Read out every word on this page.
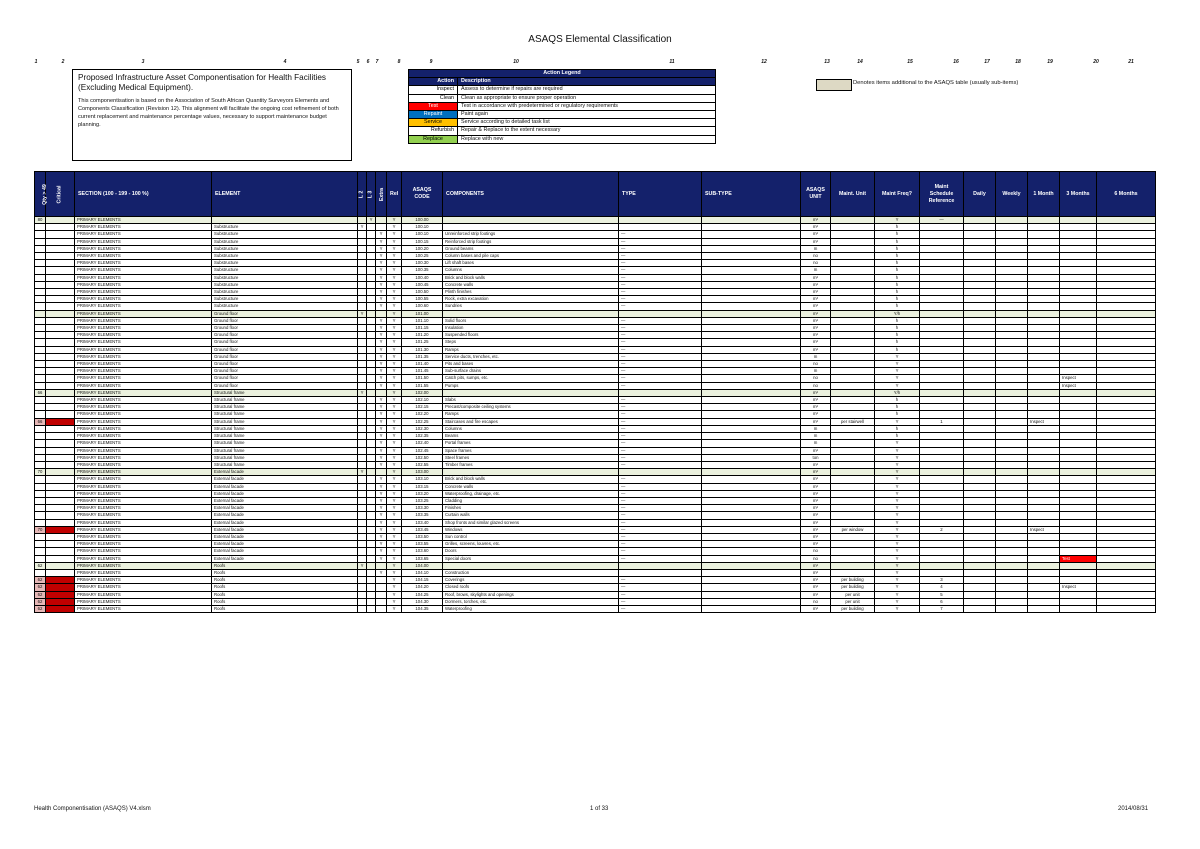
ASAQS Elemental Classification
1	2	3	4	5 6 7	8	9	10	11	12	13	14	15	16	17	18	19	20	21
Proposed Infrastructure Asset Componentisation for Health Facilities (Excluding Medical Equipment).
This componentisation is based on the Association of South African Quantity Surveyors Elements and Components Classification (Revision 12). This alignment will facilitate the ongoing cost refinement of both current replacement and maintenance percentage values, necessary to support maintenance budget planning.
Action Legend	
Action	Description
Inspect	Assess to determine if repairs are required
Clean	Clean as appropriate to ensure proper operation
Test	Test in accordance with predetermined or regulatory requirements
Repaint	Paint again
Service	Service according to detailed task list
Refurbish	Repair & Replace to the extent necessary
Replace	Replace with new
Denotes items additional to the ASAQS table (usually sub-items)
Qty > 49	Critical	SECTION (100 - 199 - 100 %)	ELEMENT	L 2	L 3	Extra	Rel	ASAQS CODE	COMPONENTS	TYPE	SUB-TYPE	ASAQS UNIT	Maint. Unit	Maint Freq?	Maint Schedule Reference	Daily	Weekly	1 Month	3 Months	6 Months
80		PRIMARY ELEMENTS			Y		Y	100.00				m²		Y	—					
		PRIMARY ELEMENTS	Substructure	Y			Y	100.10				m²		h						
		PRIMARY ELEMENTS	Substructure			Y	Y	100.10	Unreinforced strip footings	—		m²		h						
		PRIMARY ELEMENTS	Substructure			Y	Y	100.15	Reinforced strip footings	—		m²		h						
		PRIMARY ELEMENTS	Substructure			Y	Y	100.20	Ground beams	—		m		h						
		PRIMARY ELEMENTS	Substructure			Y	Y	100.25	Column bases and pile caps	—		no		h						
		PRIMARY ELEMENTS	Substructure			Y	Y	100.30	Lift shaft bases	—		no		h						
		PRIMARY ELEMENTS	Substructure			Y	Y	100.35	Columns	—		m		h						
		PRIMARY ELEMENTS	Substructure			Y	Y	100.40	Brick and block walls	—		m²		h						
		PRIMARY ELEMENTS	Substructure			Y	Y	100.45	Concrete walls	—		m²		h						
		PRIMARY ELEMENTS	Substructure			Y	Y	100.50	Plinth finishes	—		m²		h						
		PRIMARY ELEMENTS	Substructure			Y	Y	100.55	Rock, extra excavation	—		m³		h						
		PRIMARY ELEMENTS	Substructure			Y	Y	100.60	Sundries	—		m²		h						
		PRIMARY ELEMENTS	Ground floor	Y			Y	101.00				m²		Y/h						
		PRIMARY ELEMENTS	Ground floor			Y	Y	101.10	Solid floors	—		m²		h						
		PRIMARY ELEMENTS	Ground floor			Y	Y	101.15	Insulation	—		m²		h						
		PRIMARY ELEMENTS	Ground floor			Y	Y	101.20	Suspended floors	—		m²		h						
		PRIMARY ELEMENTS	Ground floor			Y	Y	101.25	Steps	—		m²		h						
		PRIMARY ELEMENTS	Ground floor			Y	Y	101.30	Ramps	—		m²		h						
		PRIMARY ELEMENTS	Ground floor			Y	Y	101.35	Service ducts, trenches, etc.	—		m		Y						
		PRIMARY ELEMENTS	Ground floor			Y	Y	101.40	Pits and bases	—		no		Y						
		PRIMARY ELEMENTS	Ground floor			Y	Y	101.45	Sub-surface drains	—		m		Y						
		PRIMARY ELEMENTS	Ground floor			Y	Y	101.50	Catch pits, sumps, etc.	—		no		Y					Inspect	
		PRIMARY ELEMENTS	Ground floor			Y	Y	101.55	Pumps	—		no		Y					Inspect	
66		PRIMARY ELEMENTS	Structural frame	Y			Y	102.00				m²		Y/h						
		PRIMARY ELEMENTS	Structural frame			Y	Y	102.10	Slabs	—		m²		h						
		PRIMARY ELEMENTS	Structural frame			Y	Y	102.15	Precast/composite ceiling systems	—		m²		h						
		PRIMARY ELEMENTS	Structural frame			Y	Y	102.20	Ramps	—		m²		h						
66		PRIMARY ELEMENTS	Structural frame			Y	Y	102.25	Staircases and fire escapes	—		m²	per stairwell	Y	1			Inspect		
		PRIMARY ELEMENTS	Structural frame			Y	Y	102.30	Columns	—		m		h						
		PRIMARY ELEMENTS	Structural frame			Y	Y	102.35	Beams	—		m		h						
		PRIMARY ELEMENTS	Structural frame			Y	Y	102.40	Portal frames	—		m		Y						
		PRIMARY ELEMENTS	Structural frame			Y	Y	102.45	Space frames	—		m²		Y						
		PRIMARY ELEMENTS	Structural frame			Y	Y	102.50	Steel frames	—		ton		Y						
		PRIMARY ELEMENTS	Structural frame			Y	Y	102.55	Timber frames	—		m²		Y						
70		PRIMARY ELEMENTS	External facade	Y			Y	103.00				m²		Y						
		PRIMARY ELEMENTS	External facade			Y	Y	103.10	Brick and block walls	—		m²		Y						
		PRIMARY ELEMENTS	External facade			Y	Y	103.15	Concrete walls	—		m²		Y						
		PRIMARY ELEMENTS	External facade			Y	Y	103.20	Waterproofing, drainage, etc.	—		m²		Y						
		PRIMARY ELEMENTS	External facade			Y	Y	103.25	Cladding	—		m²		Y						
		PRIMARY ELEMENTS	External facade			Y	Y	103.30	Finishes	—		m²		Y						
		PRIMARY ELEMENTS	External facade			Y	Y	103.35	Curtain walls	—		m²		Y						
		PRIMARY ELEMENTS	External facade			Y	Y	103.40	Shop fronts and similar glazed screens	—		m²		Y						
70		PRIMARY ELEMENTS	External facade			Y	Y	103.45	Windows	—		m²	per window	Y	2			Inspect		
		PRIMARY ELEMENTS	External facade			Y	Y	103.50	Sun control	—		m²		Y						
		PRIMARY ELEMENTS	External facade			Y	Y	103.55	Grilles, screens, louvres, etc.	—		m²		Y						
		PRIMARY ELEMENTS	External facade			Y	Y	103.60	Doors	—		no		Y						
		PRIMARY ELEMENTS	External facade			Y	Y	103.65	Special doors	—		no		Y					Test	
62		PRIMARY ELEMENTS	Roofs	Y			Y	104.00				m²		Y						
		PRIMARY ELEMENTS	Roofs			Y	Y	104.10	Construction			m²		Y						
62		PRIMARY ELEMENTS	Roofs				Y	104.15	Coverings	—		m²	per building	Y	3					
62		PRIMARY ELEMENTS	Roofs				Y	104.20	Closed roofs	—		m²	per building	Y	4				Inspect	
62		PRIMARY ELEMENTS	Roofs				Y	104.25	Roof, brows, skylights and openings	—		m²	per unit	Y	5					
62		PRIMARY ELEMENTS	Roofs				Y	104.30	Dormers, torches, etc.	—		no	per unit	Y	6					
62		PRIMARY ELEMENTS	Roofs				Y	104.35	Waterproofing	—		m²	per building	Y	7					
Health Componentisation (ASAQS) V4.xlsm	1 of 33	2014/08/31
